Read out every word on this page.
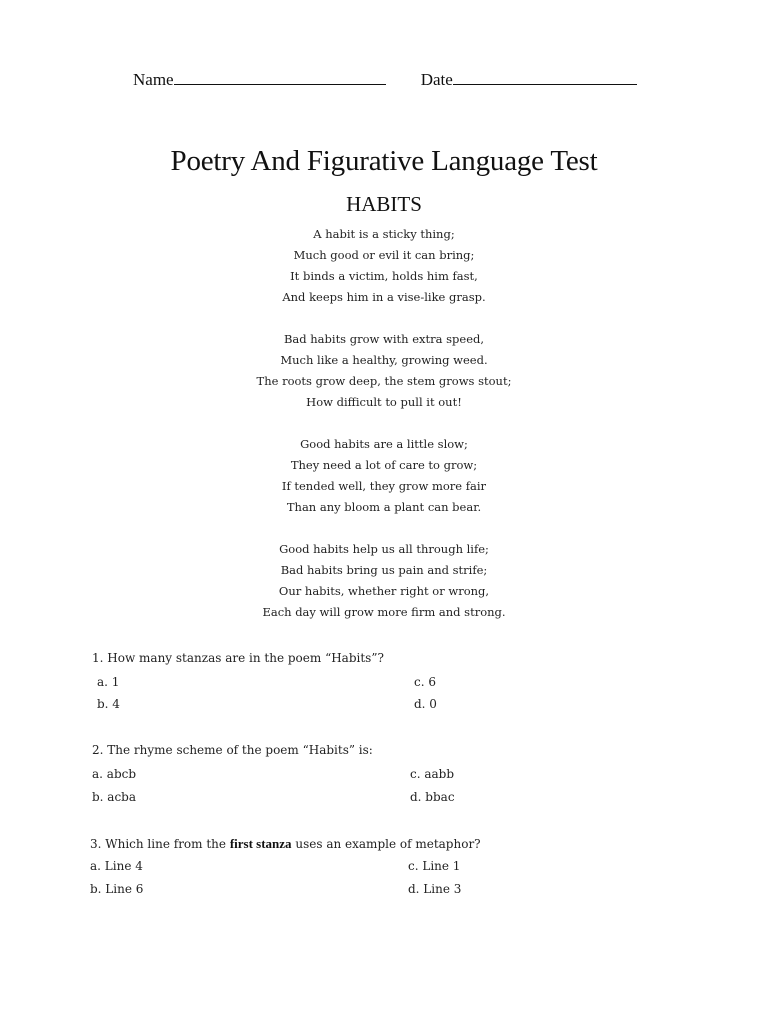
Name	Date
Poetry And Figurative Language Test
HABITS
A habit is a sticky thing;
Much good or evil it can bring;
It binds a victim, holds him fast,
And keeps him in a vise-like grasp.
Bad habits grow with extra speed,
Much like a healthy, growing weed.
The roots grow deep, the stem grows stout;
How difficult to pull it out!
Good habits are a little slow;
They need a lot of care to grow;
If tended well, they grow more fair
Than any bloom a plant can bear.
Good habits help us all through life;
Bad habits bring us pain and strife;
Our habits, whether right or wrong,
Each day will grow more firm and strong.
1. How many stanzas are in the poem “Habits”?
a. 1	c. 6
b. 4	d. 0
2. The rhyme scheme of the poem “Habits” is:
a. abcb	c. aabb
b. acba	d. bbac
3. Which line from the first stanza uses an example of metaphor?
a. Line 4	c. Line 1
b. Line 6	d. Line 3
